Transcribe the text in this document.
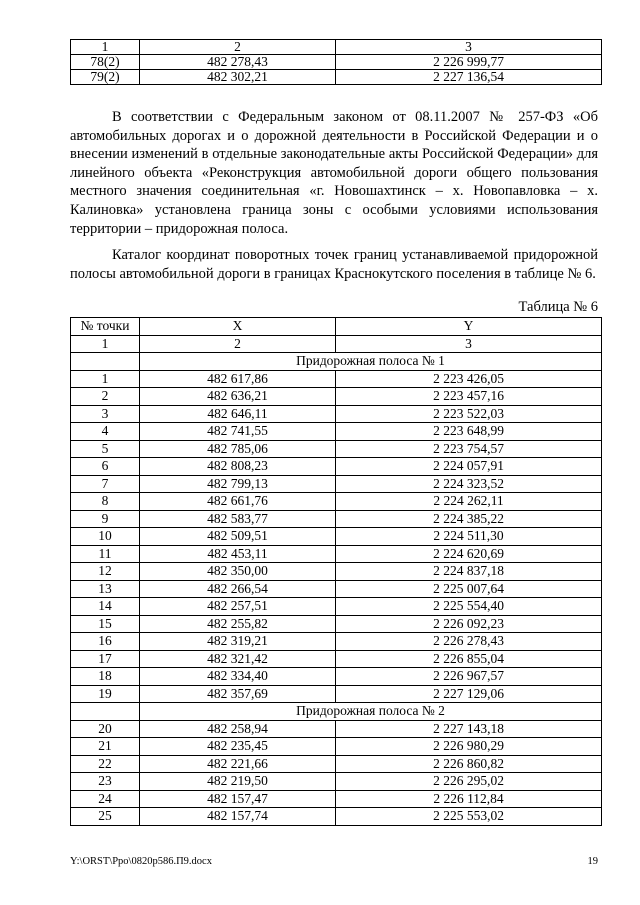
1	2	3
78(2)	482 278,43	2 226 999,77
79(2)	482 302,21	2 227 136,54

В соответствии с Федеральным законом от 08.11.2007 № 257-ФЗ «Об автомобильных дорогах и о дорожной деятельности в Российской Федерации и о внесении изменений в отдельные законодательные акты Российской Федерации» для линейного объекта «Реконструкция автомобильной дороги общего пользования местного значения соединительная «г. Новошахтинск – х. Новопавловка – х. Калиновка» установлена граница зоны с особыми условиями использования территории – придорожная полоса.

Каталог координат поворотных точек границ устанавливаемой придорожной полосы автомобильной дороги в границах Краснокутского поселения в таблице № 6.

Таблица № 6
№ точки	X	Y
1	2	3
	Придорожная полоса № 1	
1	482 617,86	2 223 426,05
2	482 636,21	2 223 457,16
3	482 646,11	2 223 522,03
4	482 741,55	2 223 648,99
5	482 785,06	2 223 754,57
6	482 808,23	2 224 057,91
7	482 799,13	2 224 323,52
8	482 661,76	2 224 262,11
9	482 583,77	2 224 385,22
10	482 509,51	2 224 511,30
11	482 453,11	2 224 620,69
12	482 350,00	2 224 837,18
13	482 266,54	2 225 007,64
14	482 257,51	2 225 554,40
15	482 255,82	2 226 092,23
16	482 319,21	2 226 278,43
17	482 321,42	2 226 855,04
18	482 334,40	2 226 967,57
19	482 357,69	2 227 129,06
	Придорожная полоса № 2	
20	482 258,94	2 227 143,18
21	482 235,45	2 226 980,29
22	482 221,66	2 226 860,82
23	482 219,50	2 226 295,02
24	482 157,47	2 226 112,84
25	482 157,74	2 225 553,02
Y:\ORST\Ppo\0820p586.П9.docx	19
